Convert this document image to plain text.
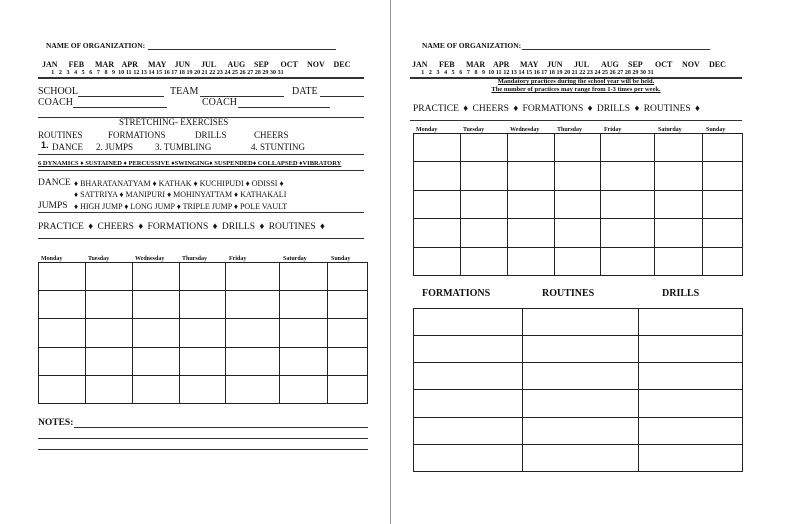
NAME OF ORGANIZATION:
JAN	FEB	MAR APR	MAY	JUN	JUL	AUG	SEP	OCT	NOV	DEC
1 2 3 4 5 6 7 8 9 10 11 12 13 14 15 16 17 18 19 20 21 22 23 24 25 26 27 28 29 30 31
SCHOOL	TEAM	DATE
COACH	COACH
STRETCHING- EXERCISES
ROUTINES	FORMATIONS	DRILLS	CHEERS
1. DANCE 2. JUMPS 3. TUMBLING	4. STUNTING
6 DYNAMICS ♦ SUSTAINED ♦ PERCUSSIVE ♦SWINGING♦ SUSPENDED♦ COLLAPSED ♦VIBRATORY
DANCE ♦ BHARATANATYAM ♦ KATHAK ♦ KUCHIPUDI ♦ ODISSI ♦
♦ SATTRIYA ♦ MANIPURI ♦ MOHINYATTAM ♦ KATHAKALI
JUMPS ♦ HIGH JUMP ♦ LONG JUMP ♦ TRIPLE JUMP ♦ POLE VAULT
PRACTICE ♦ CHEERS ♦ FORMATIONS ♦ DRILLS ♦ ROUTINES ♦
Monday	Tuesday	Wednesday	Thursday	Friday	Saturday	Sunday

NOTES:
NAME OF ORGANIZATION:
JAN	FEB	MAR APR	MAY	JUN	JUL	AUG	SEP	OCT	NOV	DEC
1 2 3 4 5 6 7 8 9 10 11 12 13 14 15 16 17 18 19 20 21 22 23 24 25 26 27 28 29 30 31
Mandatory practices during the school year will be held.
The number of practices may range from 1-3 times per week.
PRACTICE ♦ CHEERS ♦ FORMATIONS ♦ DRILLS ♦ ROUTINES ♦
Monday	Tuesday	Wednesday	Thursday	Friday	Saturday	Sunday

FORMATIONS	ROUTINES	DRILLS
